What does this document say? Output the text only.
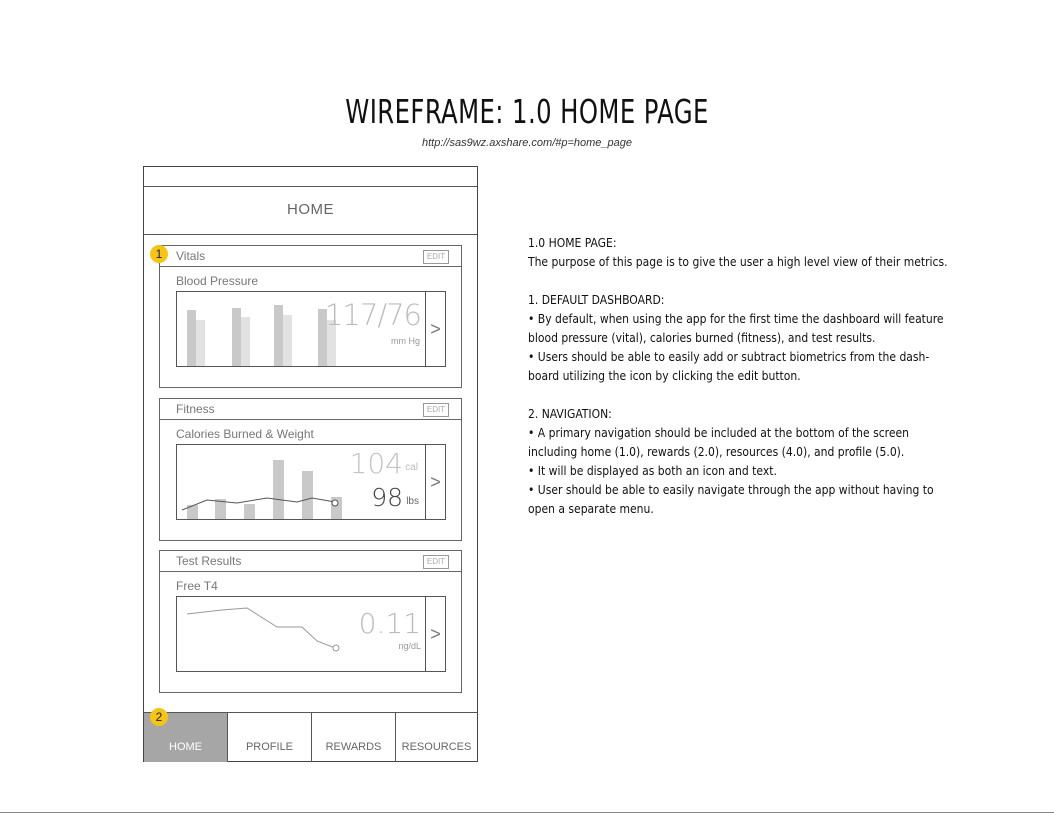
WIREFRAME: 1.0 HOME PAGE
http://sas9wz.axshare.com/#p=home_page
HOME
Vitals	EDIT
Blood Pressure
117/76
mm Hg
>
Fitness	EDIT
Calories Burned & Weight
104 cal
98 lbs
>
Test Results	EDIT
Free T4
0.11
ng/dL
>
HOME	PROFILE	REWARDS	RESOURCES
1
2

1.0 HOME PAGE:

The purpose of this page is to give the user a high level view of their metrics.

1. DEFAULT DASHBOARD:

• By default, when using the app for the first time the dashboard will feature

blood pressure (vital), calories burned (fitness), and test results.

• Users should be able to easily add or subtract biometrics from the dash-

board utilizing the icon by clicking the edit button.

2. NAVIGATION:

• A primary navigation should be included at the bottom of the screen

including home (1.0), rewards (2.0), resources (4.0), and profile (5.0).

• It will be displayed as both an icon and text.

• User should be able to easily navigate through the app without having to

open a separate menu.
